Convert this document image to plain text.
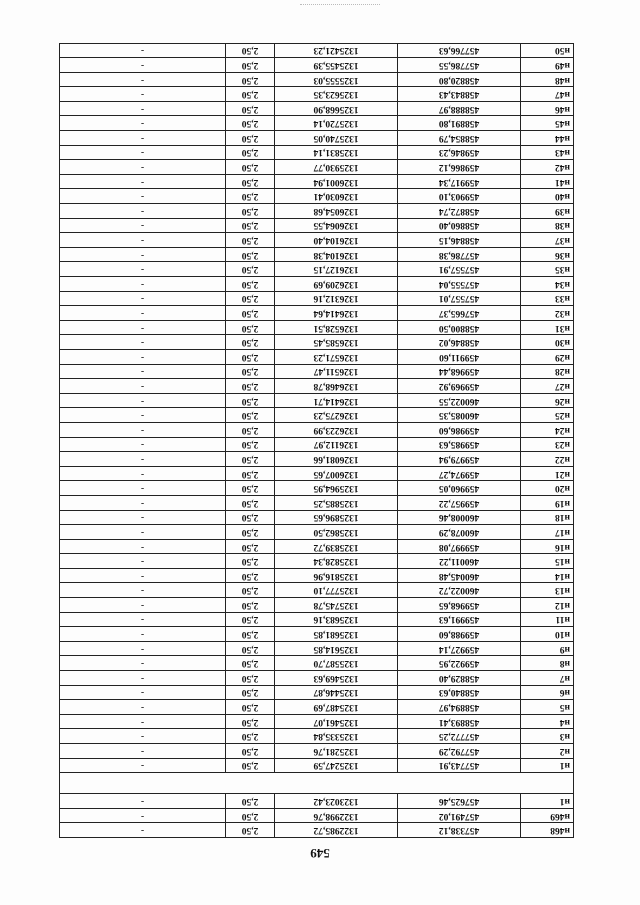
549
н468	457338,12	1322985,72	2,50	-
н469	457491,02	1322998,76	2,50	-
н1	457625,46	1323023,42	2,50	-

н1	457743,91	1325247,59	2,50	-
н2	457792,29	1325281,76	2,50	-
н3	457772,25	1325335,84	2,50	-
н4	458893,41	1325461,07	2,50	-
н5	458894,97	1325487,69	2,50	-
н6	458840,63	1325446,87	2,50	-
н7	458829,40	1325469,63	2,50	-
н8	459922,95	1325587,70	2,50	-
н9	459927,14	1325614,85	2,50	-
н10	459988,60	1325681,85	2,50	-
н11	459991,63	1325683,16	2,50	-
н12	459968,65	1325745,78	2,50	-
н13	460022,72	1325777,10	2,50	-
н14	460045,48	1325816,96	2,50	-
н15	460011,22	1325828,34	2,50	-
н16	459997,08	1325839,72	2,50	-
н17	460078,29	1325862,50	2,50	-
н18	460008,46	1325896,65	2,50	-
н19	459957,22	1325885,25	2,50	-
н20	459960,05	1325964,95	2,50	-
н21	459974,27	1326007,65	2,50	-
н22	459979,94	1326081,66	2,50	-
н23	459985,63	1326112,97	2,50	-
н24	459986,60	1326223,99	2,50	-
н25	460085,35	1326275,23	2,50	-
н26	460022,55	1326414,71	2,50	-
н27	459969,92	1326468,78	2,50	-
н28	459968,44	1326511,47	2,50	-
н29	459911,60	1326571,23	2,50	-
н30	458846,02	1326585,45	2,50	-
н31	458800,50	1326528,51	2,50	-
н32	457665,37	1326414,64	2,50	-
н33	457557,01	1326312,16	2,50	-
н34	457555,04	1326209,69	2,50	-
н35	457557,91	1326127,15	2,50	-
н36	457786,38	1326104,38	2,50	-
н37	458846,15	1326104,40	2,50	-
н38	458860,40	1326064,55	2,50	-
н39	458872,74	1326054,68	2,50	-
н40	459903,10	1326030,41	2,50	-
н41	459917,34	1326001,94	2,50	-
н42	459866,12	1325930,77	2,50	-
н43	459846,23	1325831,14	2,50	-
н44	458854,79	1325740,05	2,50	-
н45	458891,80	1325720,14	2,50	-
н46	458888,97	1325668,90	2,50	-
н47	458843,43	1325623,35	2,50	-
н48	458820,80	1325555,03	2,50	-
н49	457786,55	1325455,39	2,50	-
н50	457766,63	1325421,23	2,50	-
